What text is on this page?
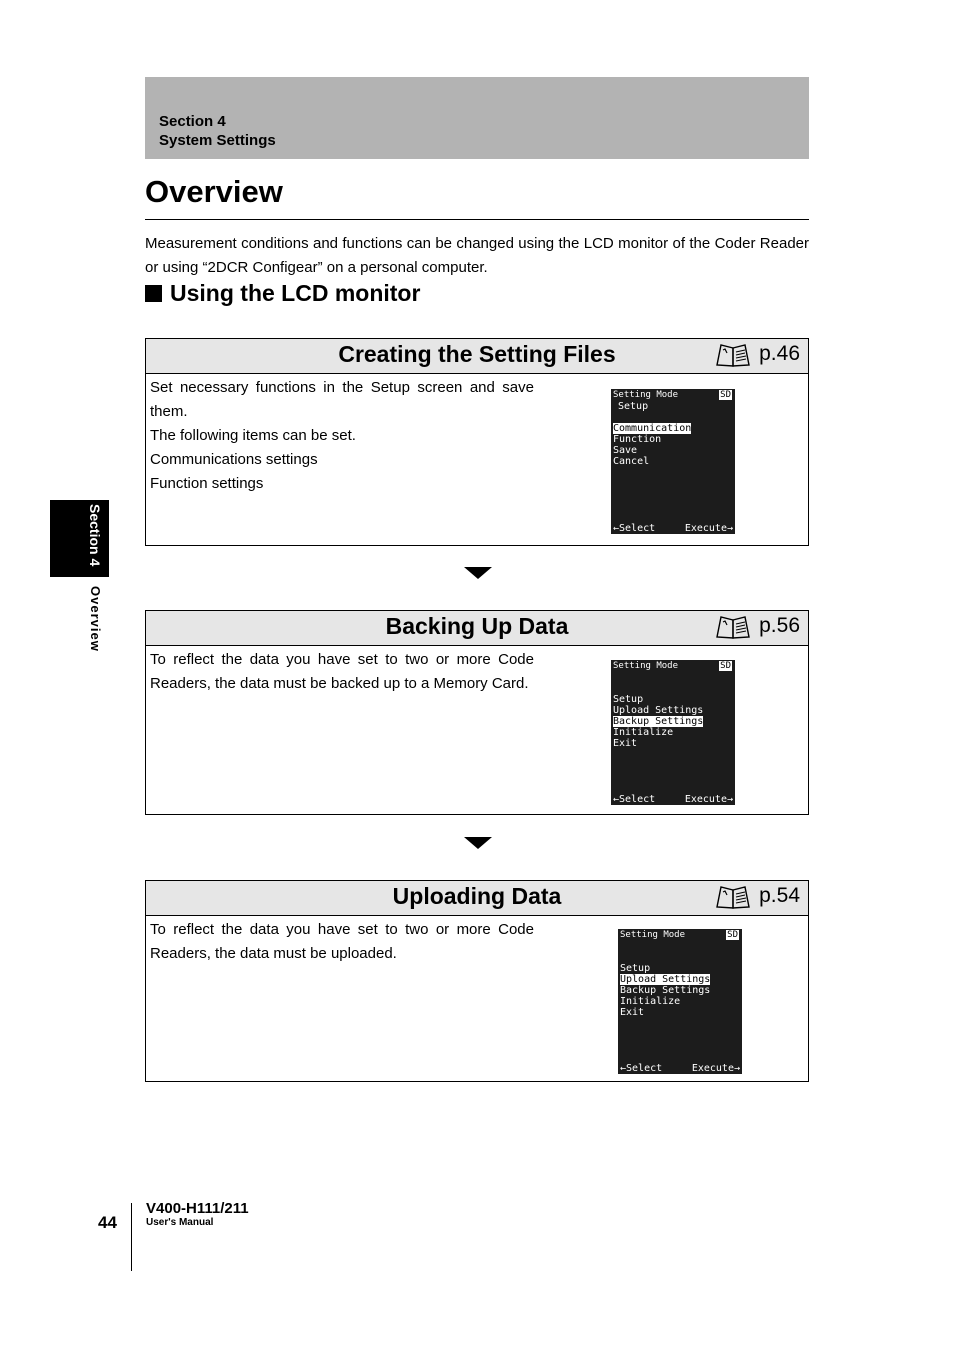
Section 4
System Settings
Overview
Measurement conditions and functions can be changed using the LCD monitor of the Coder Reader or using “2DCR Configear” on a personal computer.
Using the LCD monitor
Creating the Setting Files	p.46

Set necessary functions in the Setup screen and save them.

The following items can be set.

Communications settings

Function settings

Setting Mode	SD
Setup
Communication
Function
Save
Cancel
←Select	Execute→
Backing Up Data	p.56

To reflect the data you have set to two or more Code Readers, the data must be backed up to a Memory Card.

Setting Mode	SD
Setup
Upload Settings
Backup Settings
Initialize
Exit
←Select	Execute→
Uploading Data	p.54

To reflect the data you have set to two or more Code Readers, the data must be uploaded.

Setting Mode	SD
Setup
Upload Settings
Backup Settings
Initialize
Exit
←Select	Execute→
Section 4
Overview
44
V400-H111/211
User's Manual
